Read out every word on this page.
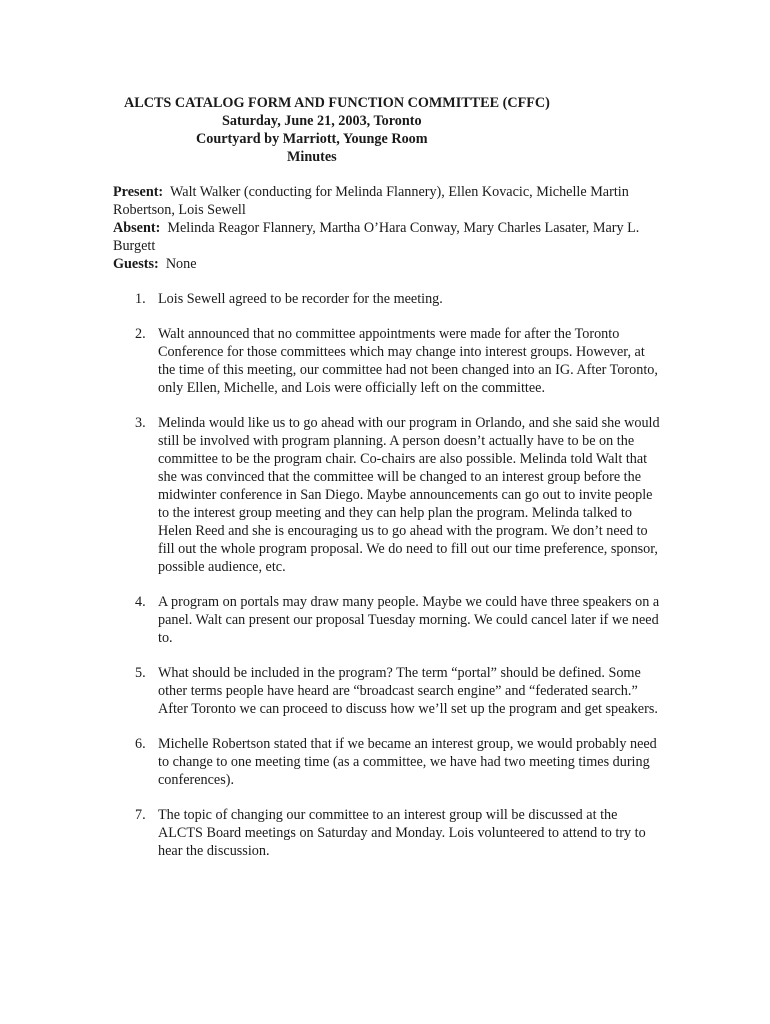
ALCTS CATALOG FORM AND FUNCTION COMMITTEE (CFFC)
Saturday, June 21, 2003, Toronto
Courtyard by Marriott, Younge Room
Minutes

Present: Walt Walker (conducting for Melinda Flannery), Ellen Kovacic, Michelle Martin Robertson, Lois Sewell

Absent: Melinda Reagor Flannery, Martha O’Hara Conway, Mary Charles Lasater, Mary L. Burgett

Guests: None

1. Lois Sewell agreed to be recorder for the meeting.
2. Walt announced that no committee appointments were made for after the Toronto Conference for those committees which may change into interest groups. However, at the time of this meeting, our committee had not been changed into an IG. After Toronto, only Ellen, Michelle, and Lois were officially left on the committee.
3. Melinda would like us to go ahead with our program in Orlando, and she said she would still be involved with program planning. A person doesn’t actually have to be on the committee to be the program chair. Co-chairs are also possible. Melinda told Walt that she was convinced that the committee will be changed to an interest group before the midwinter conference in San Diego. Maybe announcements can go out to invite people to the interest group meeting and they can help plan the program. Melinda talked to Helen Reed and she is encouraging us to go ahead with the program. We don’t need to fill out the whole program proposal. We do need to fill out our time preference, sponsor, possible audience, etc.
4. A program on portals may draw many people. Maybe we could have three speakers on a panel. Walt can present our proposal Tuesday morning. We could cancel later if we need to.
5. What should be included in the program? The term “portal” should be defined. Some other terms people have heard are “broadcast search engine” and “federated search.” After Toronto we can proceed to discuss how we’ll set up the program and get speakers.
6. Michelle Robertson stated that if we became an interest group, we would probably need to change to one meeting time (as a committee, we have had two meeting times during conferences).
7. The topic of changing our committee to an interest group will be discussed at the ALCTS Board meetings on Saturday and Monday. Lois volunteered to attend to try to hear the discussion.
